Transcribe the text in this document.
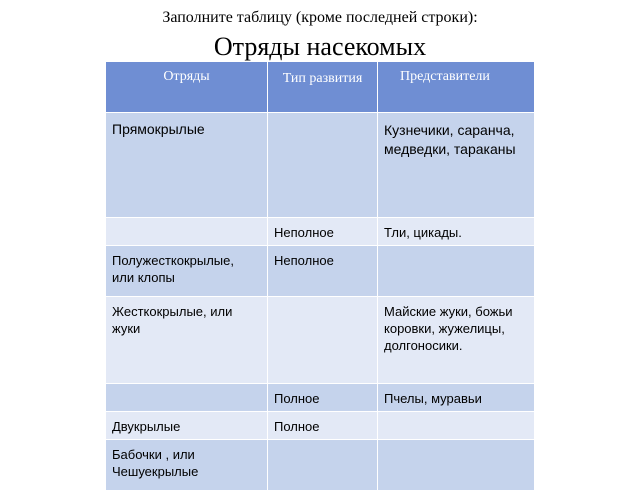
Заполните таблицу (кроме последней строки):

Отряды насекомых
Отряды	Тип развития	Представители

Прямокрылые		Кузнечики, саранча, медведки, тараканы
	Неполное	Тли, цикады.
Полужесткокрылые, или клопы	Неполное	
Жесткокрылые, или жуки		Майские жуки, божьи коровки, жужелицы, долгоносики.
	Полное	Пчелы, муравьи
Двукрылые	Полное	
Бабочки , или Чешуекрылые		
